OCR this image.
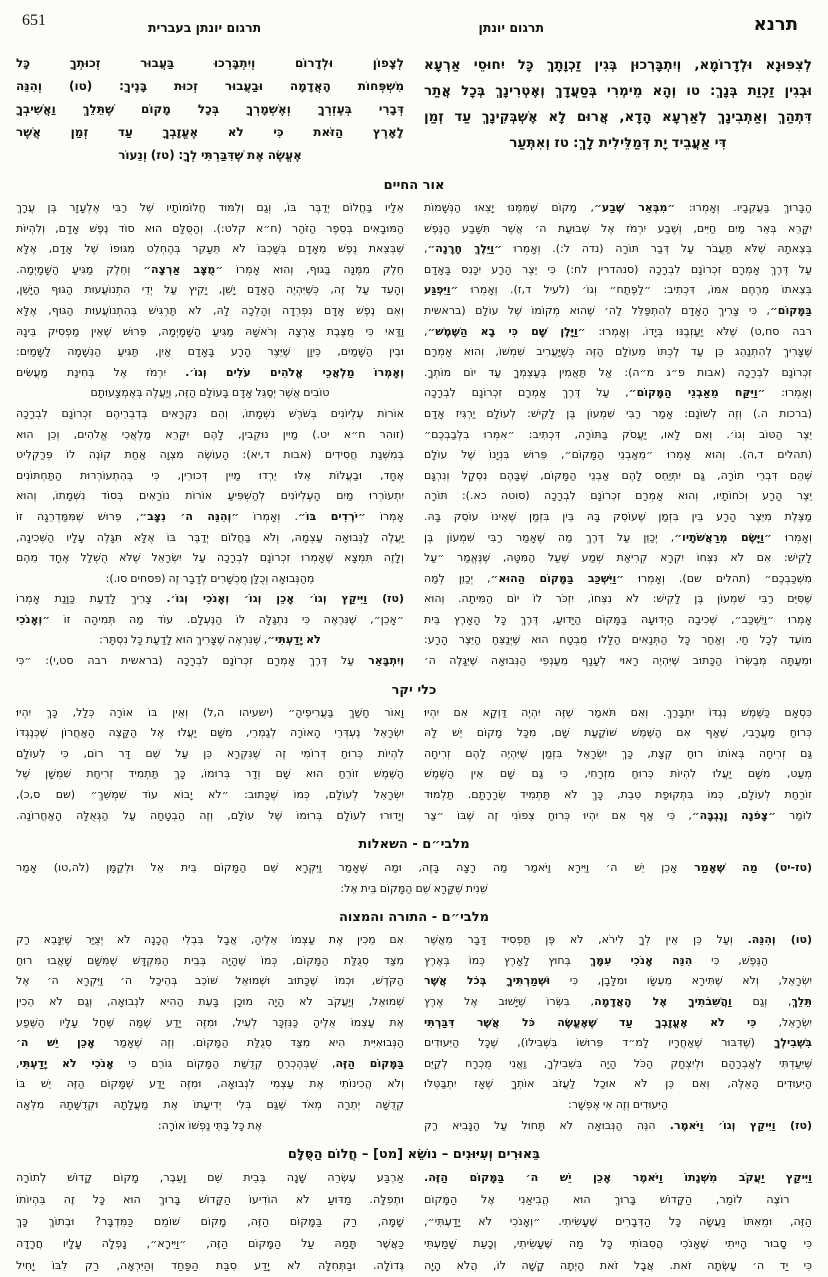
תרנא
תרגום יונתן
תרגום יונתן בעברית
651
לְצִפּוּנָא וּלְדָרוֹמָא, וְיִתְבָּרְכוּן בְּגִין זַכְוָתָךְ כָּל יִחוּסֵי אַרְעָא
וּבְגִין זַכְוַת בְּנָךְ: טו וְהָא מֵימְרִי בְּסַעֲדָךְ וְאֶטְרִינָךְ בְּכָל אֲתַר
דִּתְהַךְ וְאַתְבִינָךְ לְאַרְעָא הָדָא, אֲרוּם לָא אֶשְׁבְּקִינָךְ עַד זְמַן
דִּי אַעֲבֵיד יָת דְּמַלֵּילִית לָךְ: טז וְאִתְּעַר
לְצָפוֹן וּלְדָרוֹם וְיִתְבָּרְכוּ בַּעֲבוּר זְכוּתְךָ כָּל
מִשְׁפְּחוֹת הָאֲדָמָה וּבַעֲבוּר זְכוּת בָּנֶיךָ: (טו) וְהִנֵּה
דְּבָרִי בְּעֶזְרְךָ וְאֶשְׁמָרְךָ בְּכָל מָקוֹם שֶׁתֵּלֵךְ וַאֲשִׁיבְךָ
לָאָרֶץ הַזֹּאת כִּי לֹא אֶעֱזָבְךָ עַד זְמַן אֲשֶׁר
אֶעֱשֶׂה אֶת שֶׁדִּבַּרְתִּי לְךָ: (טז) וְנֵעוֹר
אור החיים
הַבָּרוּךְ בַּעֲקֵבָיו. וְאָמְרוּ: ״מִבְּאֵר שֶׁבַע״, מָקוֹם שֶׁמִּמֶּנּוּ יָצְאוּ הַנְּשָׁמוֹת
יִקָּרֵא בְּאֵר מַיִם חַיִּים, וְשֶׁבַע יִרְמֹז אֶל שְׁבוּעַת ה׳ אֲשֶׁר תִּשָּׁבַע הַנֶּפֶשׁ
בְּצֵאתָהּ שֶׁלֹּא תַּעֲבֹר עַל דְּבַר תּוֹרָה (נדה ל:). וְאָמְרוּ ״וַיֵּלֶךְ חָרָנָה״,
עַל דֶּרֶךְ אָמְרָם זִכְרוֹנָם לִבְרָכָה (סנהדרין לח:) כִּי יֵצֶר הָרָע יִכָּנֵס בָּאָדָם
בְּצֵאתוֹ מֵרֶחֶם אִמּוֹ, דִּכְתִיב: ״לַפֶּתַח״ וְגוֹ׳ (לעיל ד,ז). וְאָמְרוּ ״וַיִּפְגַּע
בַּמָּקוֹם״, כִּי צָרִיךְ הָאָדָם לְהִתְפַּלֵּל לַה׳ שֶׁהוּא מְקוֹמוֹ שֶׁל עוֹלָם (בראשית
רבה סח,ט) שֶׁלֹּא יַעַזְבֶנּוּ בְּיָדוֹ. וְאָמְרוּ: ״וַיָּלֶן שָׁם כִּי בָא הַשֶּׁמֶשׁ״,
שֶׁצָּרִיךְ לְהִתְנַהֵג כֵּן עַד לֶכְתּוֹ מֵעוֹלָם הַזֶּה כְּשֶׁיַּעֲרִיב שִׁמְשׁוֹ, וְהוּא אָמְרָם
זִכְרוֹנָם לִבְרָכָה (אבות פ״ג מ״ה): אַל תַּאֲמִין בְּעַצְמְךָ עַד יוֹם מוֹתְךָ.
וְאָמְרוּ: ״וַיִּקַּח מֵאַבְנֵי הַמָּקוֹם״, עַל דֶּרֶךְ אָמְרָם זִכְרוֹנָם לִבְרָכָה
(ברכות ה.) וְזֶה לְשׁוֹנָם: אָמַר רַבִּי שִׁמְעוֹן בֶּן לָקִישׁ: לְעוֹלָם יַרְגִּיז אָדָם
יֵצֶר הַטּוֹב וְגוֹ׳. וְאִם לָאו, יַעֲסֹק בַּתּוֹרָה, דִּכְתִיב: ״אִמְרוּ בִלְבַבְכֶם״
(תהלים ד,ה). וְהוּא אָמְרוּ ״מֵאַבְנֵי הַמָּקוֹם״, פֵּרוּשׁ בִּנְיָנוֹ שֶׁל עוֹלָם
שֶׁהֵם דִּבְרֵי תוֹרָה, גַּם יִתְיַחֵס לָהֶם אַבְנֵי הַמָּקוֹם, שֶׁבָּהֶם נִסְקָל וְנִרְגָּם
יֵצֶר הָרָע וְכֹחוֹתָיו, וְהוּא אָמְרָם זִכְרוֹנָם לִבְרָכָה (סוטה כא.): תּוֹרָה
מַצֶּלֶת מִיֵּצֶר הָרָע בֵּין בִּזְמַן שֶׁעוֹסֵק בָּהּ בֵּין בִּזְמַן שֶׁאֵינוֹ עוֹסֵק בָּהּ.
וְאָמְרוּ ״וַיָּשֶׂם מְרַאֲשֹׁתָיו״, יְכַוֵּן עַל דֶּרֶךְ מַה שֶּׁאָמַר רַבִּי שִׁמְעוֹן בֶּן
לָקִישׁ: אִם לֹא נִצְּחוֹ יִקְרָא קְרִיאַת שְׁמַע שֶׁעַל הַמִּטָּה, שֶׁנֶּאֱמַר ״עַל
מִשְׁכַּבְכֶם״ (תהלים שם). וְאָמְרוּ ״וַיִּשְׁכַּב בַּמָּקוֹם הַהוּא״, יְכַוֵּן לְמַה
שֶּׁסִּיֵּם רַבִּי שִׁמְעוֹן בֶּן לָקִישׁ: לֹא נִצְּחוֹ, יִזְכֹּר לוֹ יוֹם הַמִּיתָה. וְהוּא
אָמְרוּ ״וַיִּשְׁכַּב״, שְׁכִיבָה הַיְדוּעָה בַּמָּקוֹם הַיָּדוּעַ, דֶּרֶךְ כָּל הָאָרֶץ בֵּית
מוֹעֵד לְכָל חָי. וְאַחַר כָּל הַתְּנָאִים הַלָּלוּ מֻבְטָח הוּא שֶׁיְּנַצֵּחַ הַיֵּצֶר הָרָע:
וּמֵעַתָּה מְבַשְּׂרוֹ הַכָּתוּב שֶׁיִּהְיֶה רָאוּי לְעָנָף מֵעַנְפֵי הַנְּבוּאָה שֶׁיִּגָּלֶה ה׳
אֵלָיו בַּחֲלוֹם יְדַבֶּר בּוֹ, וְגַם וְלִמּוּד חֲלוֹמוֹתָיו שֶׁל רַבִּי אֶלְעָזָר בֶּן עֲרָךְ
הַמּוּבָאִים בְּסֵפֶר הַזֹּהַר (ח״א קלט:). וְהַסֻּלָּם הוּא סוֹד נֶפֶשׁ אָדָם, וְלִהְיוֹת
שֶׁבְּצֵאת נֶפֶשׁ מֵאָדָם בְּשָׁכְבּוֹ לֹא תֵּעָקֵר בְּהֶחְלֵט מִגּוּפוֹ שֶׁל אָדָם, אֶלָּא
חֵלֶק מִמֶּנָּה בַּגּוּף, וְהוּא אָמְרוֹ ״מֻצָּב אַרְצָה״ וְחֵלֶק מַגִּיעַ הַשָּׁמָיְמָה.
וְהָעֵד עַל זֶה, כְּשֶׁיִּהְיֶה הָאָדָם יָשֵׁן, יָקִיץ עַל יְדֵי הִתְנוֹעֲעוּת הַגּוּף הַיָּשֵׁן,
וְאִם נֶפֶשׁ אָדָם נִפְרְדָה וְהָלְכָה לָהּ, לֹא תַּרְגִּישׁ בְּהִתְנוֹעֲעוּת הַגּוּף, אֶלָּא
וַדַּאי כִּי מֻצֶּבֶת אַרְצָה וְרֹאשָׁהּ מַגִּיעַ הַשָּׁמָיְמָה, פֵּרוּשׁ שֶׁאֵין מַפְסִיק בֵּינָהּ
וּבֵין הַשָּׁמַיִם, כֵּיוָן שֶׁיֵּצֶר הָרָע בָּאָדָם אַיִן, תַּגִּיעַ הַנְּשָׁמָה לַשָּׁמַיִם:
וְאָמְרוֹ מַלְאֲכֵי אֱלֹהִים עֹלִים וְגוֹ׳. יִרְמֹז אֶל בְּחִינַת מַעֲשִׂים
טוֹבִים אֲשֶׁר יְסַגֵּל אָדָם בָּעוֹלָם הַזֶּה, וְיַעֲלֶה בְּאֶמְצָעוּתָם
אוֹרוֹת עֶלְיוֹנִים בְּשֹׁרֶשׁ נִשְׁמָתוֹ, וְהֵם נִקְרָאִים בְּדִבְרֵיהֶם זִכְרוֹנָם לִבְרָכָה
(זוהר ח״א יט.) מַיִין נוּקְבִין, לָהֶם יִקָּרֵא מַלְאֲכֵי אֱלֹהִים, וְכֵן הוּא
בְּמִשְׁנַת חֲסִידִים (אבות ד,יא): הָעוֹשֶׂה מִצְוָה אַחַת קוֹנֶה לוֹ פְּרַקְלִיט
אֶחָד, וּבַעֲלוֹת אֵלּוּ יֵרְדוּ מַיִין דְּכוּרִין, כִּי בְּהִתְעוֹרְרוּת הַתַּחְתּוֹנִים
יִתְעוֹרְרוּ מַיִם הָעֶלְיוֹנִים לְהַשְׁפִּיעַ אוֹרוֹת נוֹרָאִים בְּסוֹד נִשְׁמָתוֹ, וְהוּא
אָמְרוֹ ״יֹרְדִים בּוֹ״. וְאָמְרוֹ ״וְהִנֵּה ה׳ נִצָּב״, פֵּרוּשׁ שֶׁמִּמַּדְרֵגָה זוֹ
יַעֲלֶה לַנְּבוּאָה עַצְמָהּ, וְלֹא בַּחֲלוֹם יְדַבֶּר בּוֹ אֶלָּא תִּגָּלֶה עָלָיו הַשְּׁכִינָה,
וְלָזֶה תִּמְצָא שֶׁאָמְרוּ זִכְרוֹנָם לִבְרָכָה עַל יִשְׂרָאֵל שֶׁלֹּא הֻשְׁלַל אֶחָד מֵהֶם
מֵהַנְּבוּאָה וְכֻלָּן מֻכְשָׁרִים לְדָבָר זֶה (פסחים סו.):
(טז) וַיִּיקַץ וְגוֹ׳ אָכֵן וְגוֹ׳ וְאָנֹכִי וְגוֹ׳. צָרִיךְ לָדַעַת כַּוָּנַת אָמְרוֹ
״אָכֵן״, שֶׁנִּרְאֶה כִּי נִתְגַּלָּה לוֹ הַנֶּעְלָם. עוֹד מַה תְּמִיהָה זוֹ ״וְאָנֹכִי
לֹא יָדַעְתִּי״, שֶׁנִּרְאֶה שֶׁצָּרִיךְ הוּא לָדַעַת כָּל נִסְתָּר:
וְיִתְבָּאֵר עַל דֶּרֶךְ אָמְרָם זִכְרוֹנָם לִבְרָכָה (בראשית רבה סט,י): ״כִּי
כלי יקר
כִּסְאָם כַּשֶּׁמֶשׁ נֶגְדּוֹ יִתְבָּרַךְ. וְאִם תֹּאמַר שֶׁזֶּה יִהְיֶה דַּוְקָא אִם יִהְיוּ
כְּרוּחַ מַעֲרָבִי, שֶׁאַף אִם הַשֶּׁמֶשׁ שׁוֹקַעַת שָׁם, מִכָּל מָקוֹם יֵשׁ לָהּ
גַּם זְרִיחָה בְּאוֹתוֹ רוּחַ קְצָת, כָּךְ יִשְׂרָאֵל בִּזְמַן שֶׁיִּהְיֶה לָהֶם זְרִיחָה
מְעַט, מִשָּׁם יַעֲלוּ לִהְיוֹת כְּרוּחַ מִזְרָחִי, כִּי גַּם שָׁם אֵין הַשֶּׁמֶשׁ
זוֹרַחַת לְעוֹלָם, כְּמוֹ בִּתְקוּפַת טֵבֵת, כָּךְ לֹא תַּתְמִיד שְׂרָרָתָם. תַּלְמוּד
לוֹמַר ״צָפֹנָה וָנֶגְבָּה״, כִּי אַף אִם יִהְיוּ כְּרוּחַ צְפוֹנִי זֶה שֶׁבּוֹ ״צַר
וָאוֹר חָשַׁךְ בַּעֲרִיפֶיהָ״ (ישעיהו ה,ל) וְאֵין בּוֹ אוֹרָה כְּלָל, כָּךְ יִהְיוּ
יִשְׂרָאֵל נֶעְדְּרֵי הָאוֹרָה לְגַמְרֵי, מִשָּׁם יַעֲלוּ אֶל הַקָּצֶה הָאַחֲרוֹן שֶׁכְּנֶגְדּוֹ
לִהְיוֹת כְּרוּחַ דְּרוֹמִי זֶה שֶׁנִּקְרָא כֵּן עַל שֵׁם דָּר רוֹם, כִּי לְעוֹלָם
הַשֶּׁמֶשׁ זוֹרֵחַ הוּא שָׁם וְדָר בְּרוּמוֹ, כָּךְ תַּתְמִיד זְרִיחַת שִׁמְשָׁן שֶׁל
יִשְׂרָאֵל לְעוֹלָם, כְּמוֹ שֶׁכָּתוּב: ״לֹא יָבוֹא עוֹד שִׁמְשֵׁךְ״ (שם ס,כ),
וְיָדוּרוּ לְעוֹלָם בְּרוּמוֹ שֶׁל עוֹלָם, וְזֶה הַבְטָחָה עַל הַגְּאֻלָּה הָאַחֲרוֹנָה.
מלבי״ם - השאלות
(טז-יט) מַה שֶּׁאָמַר אָכֵן יֵשׁ ה׳ וַיִּירָא וַיֹּאמַר מַה רָצָה בָּזֶה, וּמַה שֶּׁאָמַר וַיִּקְרָא שֵׁם הַמָּקוֹם בֵּית אֵל וּלְקַמָּן (לה,טו) אָמַר
שֵׁנִית שֶׁקָּרָא שֵׁם הַמָּקוֹם בֵּית אֵל:
מלבי״ם - התורה והמצוה
(טו) וְהִנֵּה. וְעַל כֵּן אֵין לְךָ לִירֹא, לֹא פֶּן תַּפְסִיד דָּבָר מֵאֲשֶׁר
הַנֶּפֶשׁ, כִּי הִנֵּה אָנֹכִי עִמָּךְ בְּחוּץ לָאָרֶץ כְּמוֹ בְּאֶרֶץ
יִשְׂרָאֵל, וְלֹא שֶׁתִּירָא מֵעֵשָׂו וּמִלָּבָן, כִּי וּשְׁמַרְתִּיךָ בְּכֹל אֲשֶׁר
תֵּלֵךְ, וְגַם וַהֲשִׁבֹתִיךָ אֶל הָאֲדָמָה, בִּשְּׂרוֹ שֶׁיָּשׁוּב אֶל אֶרֶץ
יִשְׂרָאֵל, כִּי לֹא אֶעֱזָבְךָ עַד שֶׁאֶעֱשֶׂה כֹּל אֲשֶׁר דִּבַּרְתִּי
בִּשְׁבִילְךָ (שֶׁדִּבּוּר שֶׁאַחֲרָיו לָמ״ד פֵּרוּשׁוֹ בִּשְׁבִילוֹ), שֶׁכָּל הַיִּעוּדִים
שֶׁיִּעַדְתִּי לְאַבְרָהָם וּלְיִצְחָק הַכֹּל הָיָה בִּשְׁבִילְךָ, וַאֲנִי מֻכְרָח לְקַיֵּם
הַיִּעוּדִים הָאֵלֶּה, וְאִם כֵּן לֹא אוּכַל לַעֲזֹב אוֹתְךָ שֶׁאָז יִתְבַּטְּלוּ
הַיִּעוּדִים וְזֶה אִי אֶפְשָׁר:
(טז) וַיִּיקַץ וְגוֹ׳ וַיֹּאמֶר. הִנֵּה הַנְּבוּאָה לֹא תָּחוּל עַל הַנָּבִיא רַק
אִם מֵכִין אֶת עַצְמוֹ אֵלֶיהָ, אֲבָל בִּבְלִי הֲכָנָה לֹא יְצֻיַּר שֶׁיִּנָּבֵא רַק
מִצַּד סְגֻלַּת הַמָּקוֹם, כְּמוֹ שֶׁהָיָה בְּבֵית הַמִּקְדָּשׁ שֶׁמִּשָּׁם שָׁאֲבוּ רוּחַ
הַקֹּדֶשׁ, וּכְמוֹ שֶׁכָּתוּב וּשְׁמוּאֵל שׁוֹכֵב בְּהֵיכַל ה׳ וַיִּקְרָא ה׳ אֶל
שְׁמוּאֵל, וְיַעֲקֹב לֹא הָיָה מוּכָן בָּעֵת הַהִיא לִנְבוּאָה, וְגַם לֹא הֵכִין
אֶת עַצְמוֹ אֵלֶיהָ כַּנִּזְכָּר לְעֵיל, וּמִזֶּה יָדַע שֶׁמַּה שֶּׁחָל עָלָיו הַשֶּׁפַע
הַנְּבוּאִיִּית הִיא מִצַּד סְגֻלַּת הַמָּקוֹם. וְזֶה שֶׁאָמַר אָכֵן יֵשׁ ה׳
בַּמָּקוֹם הַזֶּה, שֶׁבְּהֶכְרֵחַ קְדֻשַּׁת הַמָּקוֹם גּוֹרֵם כִּי אָנֹכִי לֹא יָדַעְתִּי,
וְלֹא הֲכִינוֹתִי אֶת עַצְמִי לִנְבוּאָה, וּמִזֶּה יָדַע שֶׁמָּקוֹם הַזֶּה יֵשׁ בּוֹ
קְדֻשָּׁה יְתֵרָה מְאֹד שֶׁגַּם בְּלִי יְדִיעָתוֹ אֶת מַעֲלָתָהּ וּקְדֻשָּׁתָהּ מִלְּאָה
אֶת כָּל בָּתֵּי נַפְשׁוֹ אוֹרָה:
בֵּאוּרִים וְעִיּוּנִים – נוֹשֵׂא [מט] – חֲלוֹם הַסֻּלָּם
וַיִּיקַץ יַעֲקֹב מִשְּׁנָתוֹ וַיֹּאמֶר אָכֵן יֵשׁ ה׳ בַּמָּקוֹם הַזֶּה.
רוֹצֶה לוֹמַר, הַקָּדוֹשׁ בָּרוּךְ הוּא הֱבִיאַנִי אֶל הַמָּקוֹם
הַזֶּה, וּמֵאִתּוֹ נַעֲשָׂה כָּל הַדְּבָרִים שֶׁעָשִׂיתִי. ״וְאָנֹכִי לֹא יָדַעְתִּי״,
כִּי סָבוּר הָיִיתִי שֶׁאָנֹכִי הֲסִבּוֹתִי כָּל מַה שֶּׁעָשִׂיתִי, וְכָעֵת שָׁמַעְתִּי
כִּי יַד ה׳ עָשְׂתָה זֹאת. אֲבָל זֹאת הָיְתָה קָשָׁה לוֹ, הֲלֹא הָיָה
אַרְבַּע עֶשְׂרֵה שָׁנָה בְּבֵית שֵׁם וָעֵבֶר, מָקוֹם קָדוֹשׁ לְתוֹרָה
וּתְפִלָּה. מַדּוּעַ לֹא הוֹדִיעוֹ הַקָּדוֹשׁ בָּרוּךְ הוּא כָּל זֶה בִּהְיוֹתוֹ
שָׁמָּה, רַק בַּמָּקוֹם הַזֶּה, מָקוֹם שׁוֹמֵם כַּמִּדְבָּר? וּבְתוֹךְ כָּךְ
כַּאֲשֶׁר תָּמַהּ עַל הַמָּקוֹם הַזֶּה, ״וַיִּירָא״, נָפְלָה עָלָיו חֲרָדָה
גְּדוֹלָה. וּבַתְּחִלָּה לֹא יָדַע סִבַּת הַפַּחַד וְהַיִּרְאָה, רַק לִבּוֹ יָחִיל
